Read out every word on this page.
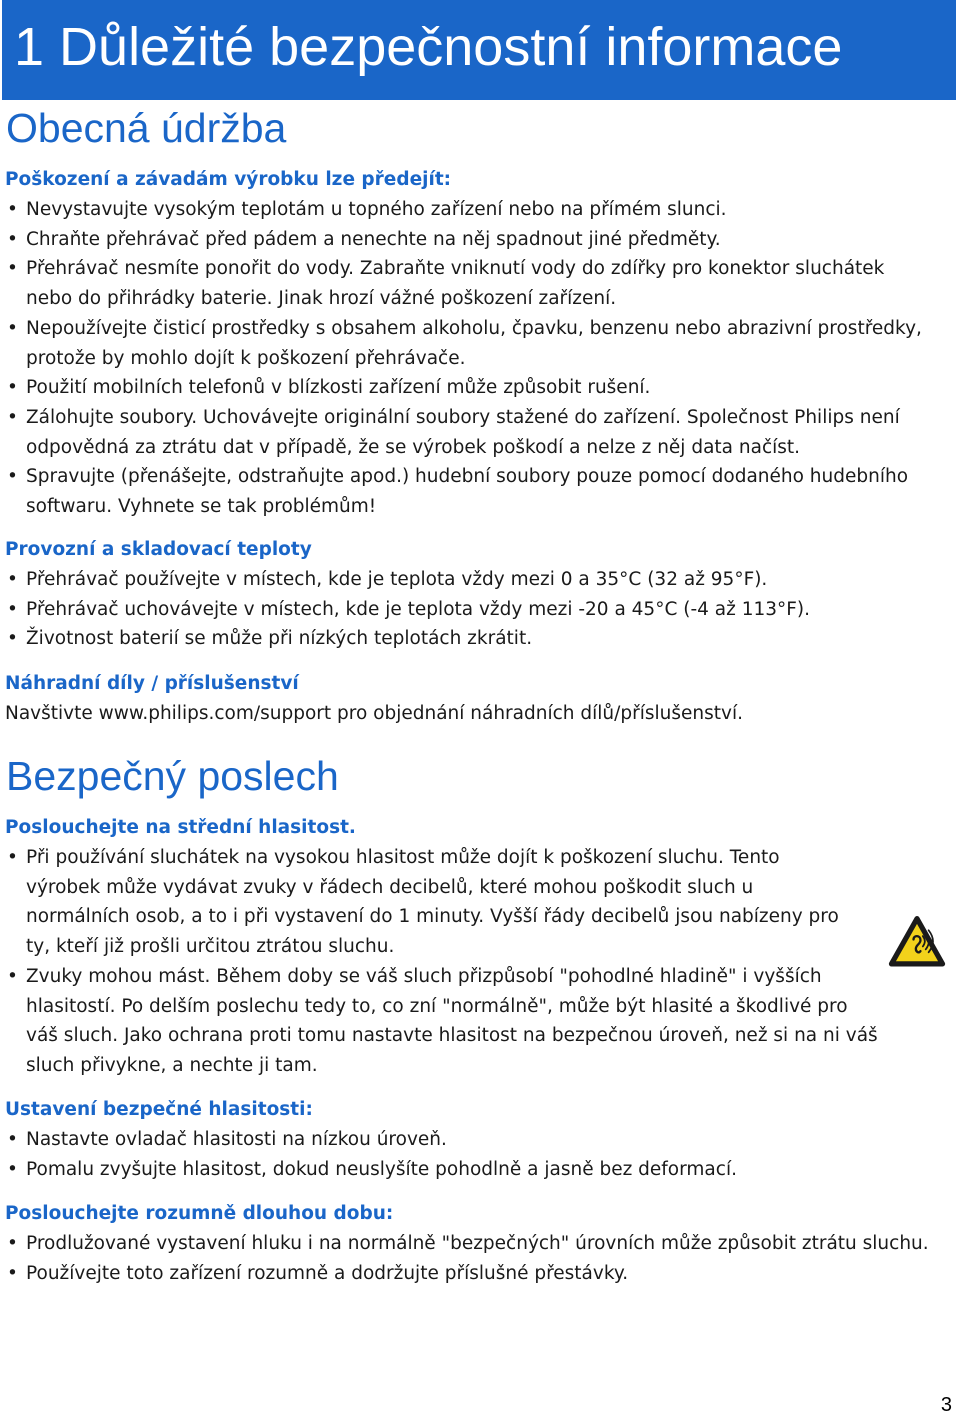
1 Důležité bezpečnostní informace
Obecná údržba
Poškození a závadám výrobku lze předejít:
• Nevystavujte vysokým teplotám u topného zařízení nebo na přímém slunci.
• Chraňte přehrávač před pádem a nenechte na něj spadnout jiné předměty.
• Přehrávač nesmíte ponořit do vody. Zabraňte vniknutí vody do zdířky pro konektor sluchátek nebo do přihrádky baterie. Jinak hrozí vážné poškození zařízení.
• Nepoužívejte čisticí prostředky s obsahem alkoholu, čpavku, benzenu nebo abrazivní prostředky, protože by mohlo dojít k poškození přehrávače.
• Použití mobilních telefonů v blízkosti zařízení může způsobit rušení.
• Zálohujte soubory. Uchovávejte originální soubory stažené do zařízení. Společnost Philips není odpovědná za ztrátu dat v případě, že se výrobek poškodí a nelze z něj data načíst.
• Spravujte (přenášejte, odstraňujte apod.) hudební soubory pouze pomocí dodaného hudebního softwaru. Vyhnete se tak problémům!
Provozní a skladovací teploty
• Přehrávač používejte v místech, kde je teplota vždy mezi 0 a 35°C (32 až 95°F).
• Přehrávač uchovávejte v místech, kde je teplota vždy mezi -20 a 45°C (-4 až 113°F).
• Životnost baterií se může při nízkých teplotách zkrátit.
Náhradní díly / příslušenství

Navštivte www.philips.com/support pro objednání náhradních dílů/příslušenství.

Bezpečný poslech
Poslouchejte na střední hlasitost.
• Při používání sluchátek na vysokou hlasitost může dojít k poškození sluchu. Tento výrobek může vydávat zvuky v řádech decibelů, které mohou poškodit sluch u normálních osob, a to i při vystavení do 1 minuty. Vyšší řády decibelů jsou nabízeny pro ty, kteří již prošli určitou ztrátou sluchu.
• Zvuky mohou mást. Během doby se váš sluch přizpůsobí "pohodlné hladině" i vyšších hlasitostí. Po delším poslechu tedy to, co zní "normálně", může být hlasité a škodlivé pro váš sluch. Jako ochrana proti tomu nastavte hlasitost na bezpečnou úroveň, než si na ni váš sluch přivykne, a nechte ji tam.
Ustavení bezpečné hlasitosti:
• Nastavte ovladač hlasitosti na nízkou úroveň.
• Pomalu zvyšujte hlasitost, dokud neuslyšíte pohodlně a jasně bez deformací.
Poslouchejte rozumně dlouhou dobu:
• Prodlužované vystavení hluku i na normálně "bezpečných" úrovních může způsobit ztrátu sluchu.
• Používejte toto zařízení rozumně a dodržujte příslušné přestávky.
3
